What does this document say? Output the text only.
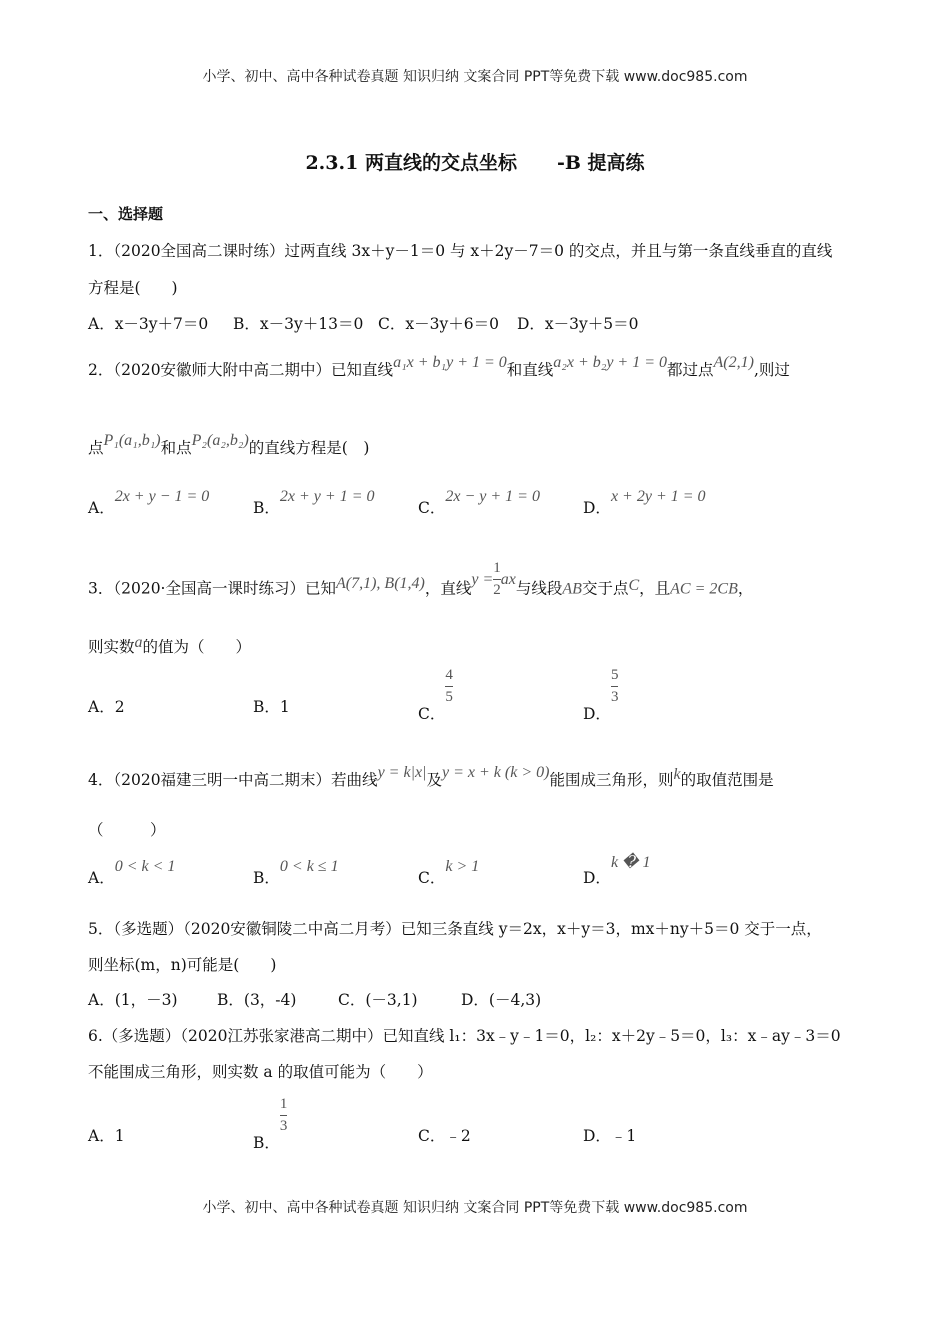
小学、初中、高中各种试卷真题 知识归纳 文案合同 PPT等免费下载 www.doc985.com
2.3.1 两直线的交点坐标 -B 提高练
一、选择题
1．（2020全国高二课时练）过两直线 3x＋y－1＝0 与 x＋2y－7＝0 的交点，并且与第一条直线垂直的直线
方程是(　　)
A．x－3y＋7＝0 B．x－3y＋13＝0 C．x－3y＋6＝0 D．x－3y＋5＝0
2．（2020安徽师大附中高二期中）已知直线a₁x + b₁y + 1 = 0和直线a₂x + b₂y + 1 = 0都过点A(2,1),则过
点P₁(a₁,b₁)和点P₂(a₂,b₂)的直线方程是(　)
A．2x + y − 1 = 0
B．2x + y + 1 = 0
C．2x − y + 1 = 0
D．x + 2y + 1 = 0
3．（2020·全国高一课时练习）已知A(7,1), B(1,4)，直线$y = \frac{1}{2}$ ax与线段AB交于点C，且AC = 2CB，
则实数a的值为（　　）
A．2	B．1	C．
$\frac{4}{5}$
D．
$\frac{5}{3}$
4．（2020福建三明一中高二期末）若曲线y = k|x|及y = x + k (k > 0)能围成三角形，则k的取值范围是
（　　　）
A．0 < k < 1
B．0 < k ≤ 1
C．k > 1
D．k � 1
5．（多选题）（2020安徽铜陵二中高二月考）已知三条直线 y＝2x，x＋y＝3，mx＋ny＋5＝0 交于一点，
则坐标(m，n)可能是(　　)
A．(1，－3)	B．(3，-4)	C．(－3,1)	D．(－4,3)
6.（多选题）（2020江苏张家港高二期中）已知直线 l₁：3x﹣y﹣1＝0，l₂：x＋2y﹣5＝0，l₃：x﹣ay﹣3＝0
不能围成三角形，则实数 a 的取值可能为（　　）
A．1	B．
$\frac{1}{3}$
C．﹣2	D．﹣1
小学、初中、高中各种试卷真题 知识归纳 文案合同 PPT等免费下载 www.doc985.com
